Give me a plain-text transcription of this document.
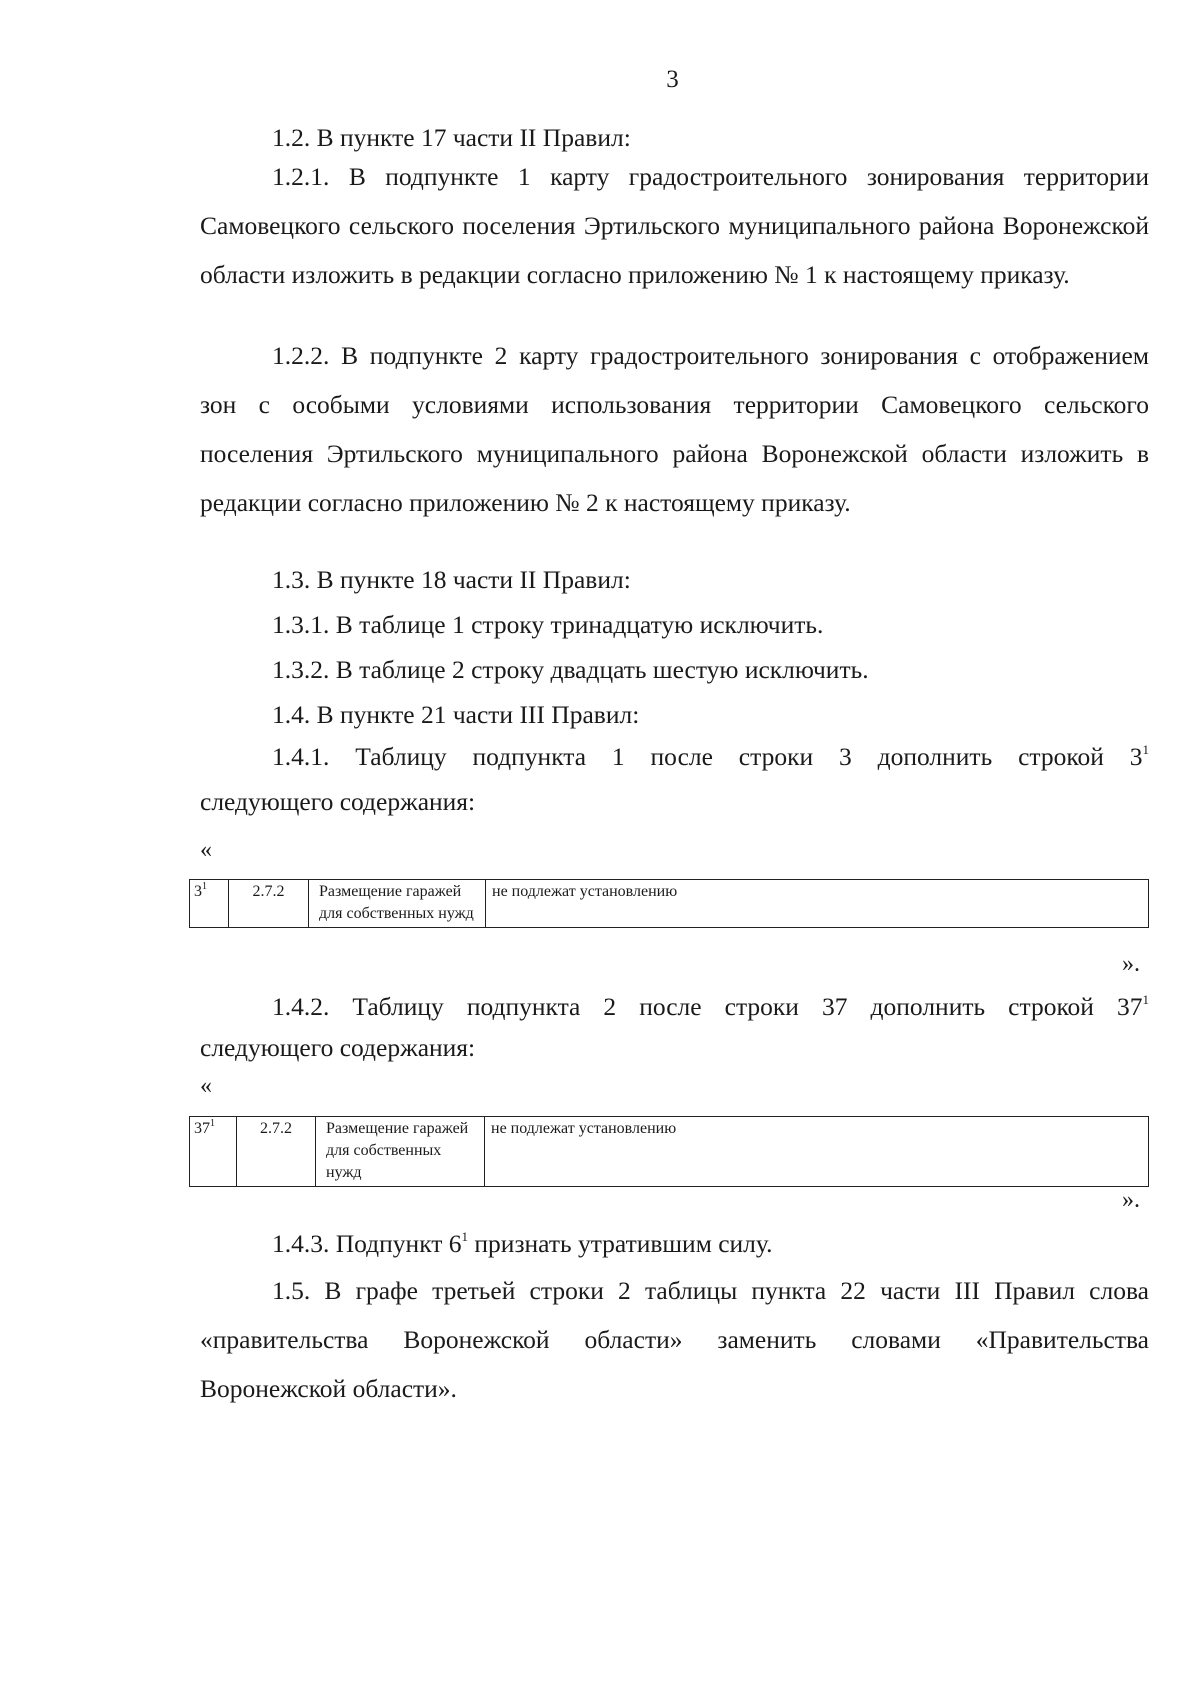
3

1.2. В пункте 17 части II Правил:

1.2.1. В подпункте 1 карту градостроительного зонирования территории Самовецкого сельского поселения Эртильского муниципального района Воронежской области изложить в редакции согласно приложению № 1 к настоящему приказу.

1.2.2. В подпункте 2 карту градостроительного зонирования с отображением зон с особыми условиями использования территории Самовецкого сельского поселения Эртильского муниципального района Воронежской области изложить в редакции согласно приложению № 2 к настоящему приказу.

1.3. В пункте 18 части II Правил:

1.3.1. В таблице 1 строку тринадцатую исключить.

1.3.2. В таблице 2 строку двадцать шестую исключить.

1.4. В пункте 21 части III Правил:

1.4.1. Таблицу подпункта 1 после строки 3 дополнить строкой $3^1$
следующего содержания:
«
$3^1$	2.7.2	Размещение гаражей для собственных нужд	не подлежат установлению
».
1.4.2. Таблицу подпункта 2 после строки 37 дополнить строкой $37^1$
следующего содержания:
«
$37^1$	2.7.2	Размещение гаражей для собственных нужд	не подлежат установлению
».
1.4.3. Подпункт $6^1$ признать утратившим силу.

1.5. В графе третьей строки 2 таблицы пункта 22 части III Правил слова «правительства Воронежской области» заменить словами «Правительства Воронежской области».
